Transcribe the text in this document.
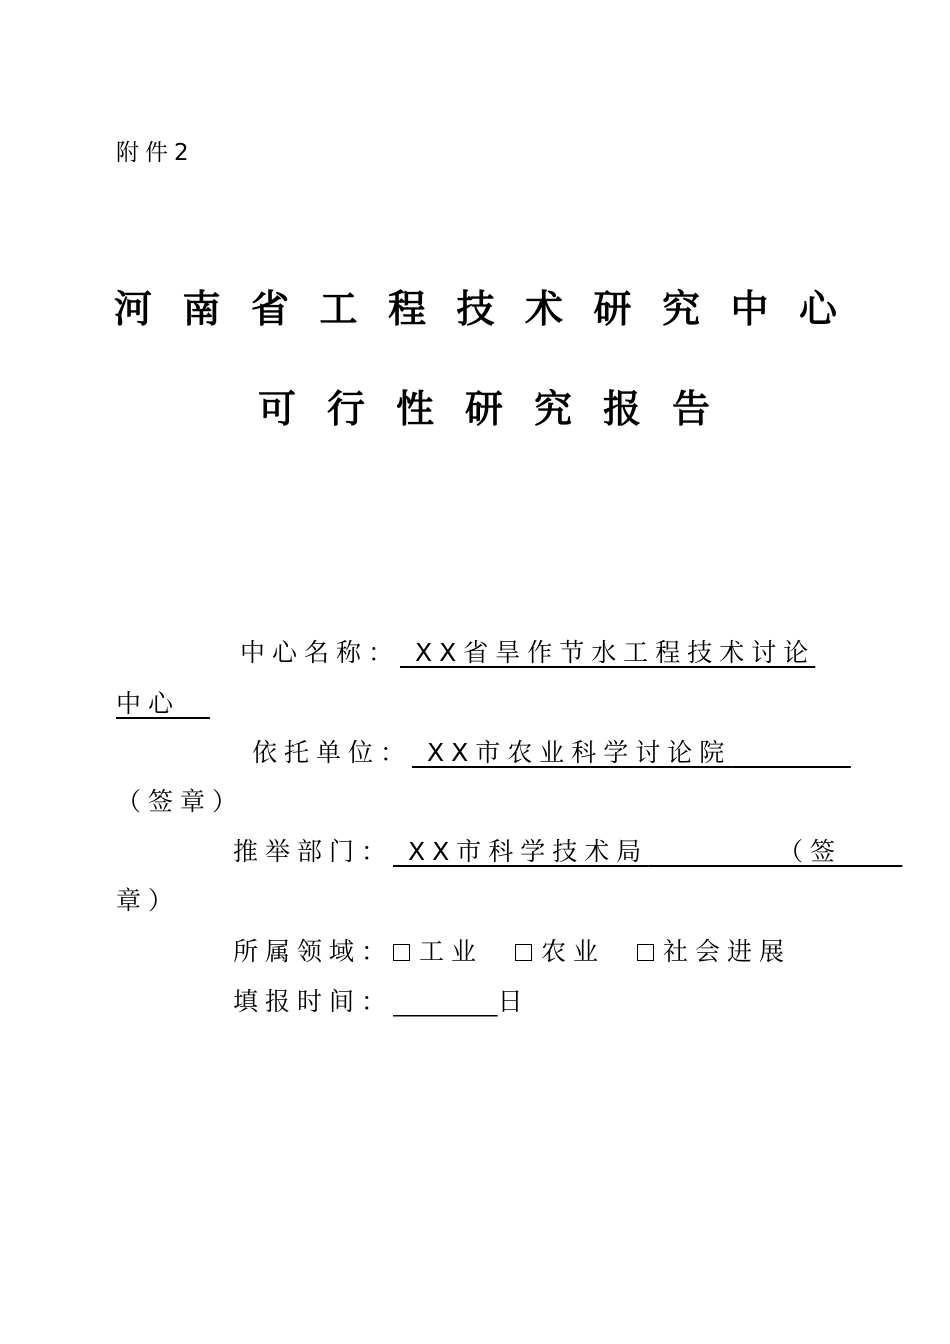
附件2
河南省工程技术研究中心
可行性研究报告
中心名称： XX省旱作节水工程技术讨论
中心
依托单位： XX市农业科学讨论院
（签章）
推举部门： XX市科学技术局	（签
章）
所属领域： 工业 农业 社会进展
填报时间：	日
